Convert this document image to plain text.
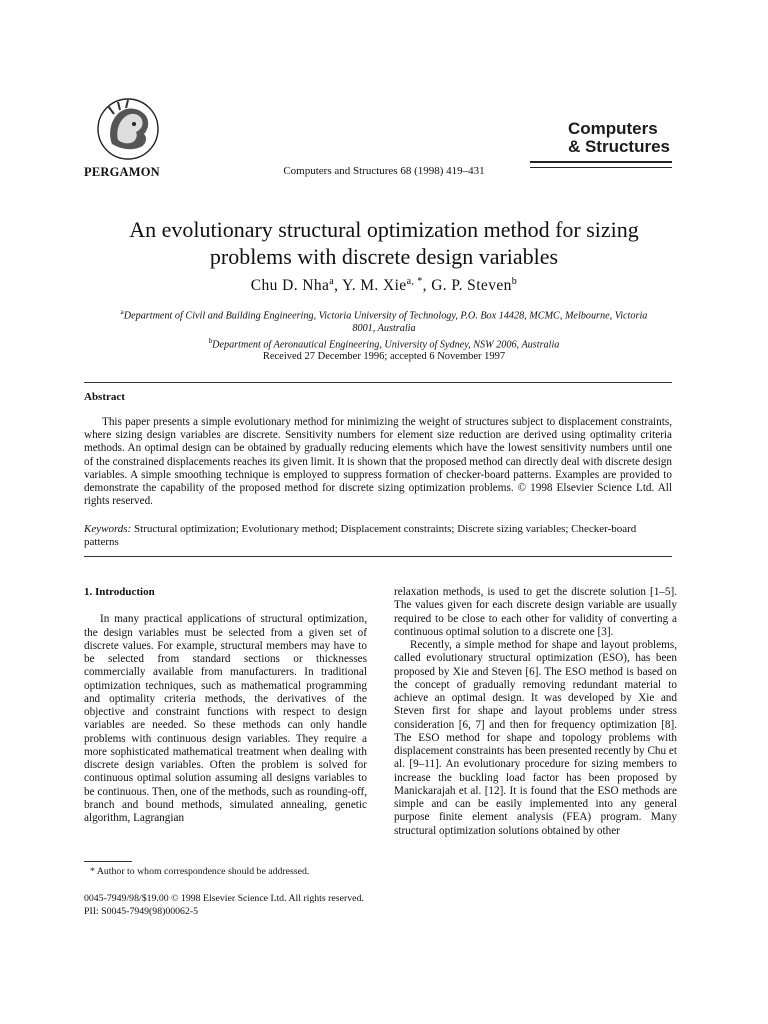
PERGAMON	Computers and Structures 68 (1998) 419–431
Computers
& Structures
An evolutionary structural optimization method for sizing
problems with discrete design variables
Chu D. Nha$^a$, Y. M. Xie$^{a, *}$, G. P. Steven$^b$
$^a$Department of Civil and Building Engineering, Victoria University of Technology, P.O. Box 14428, MCMC, Melbourne, Victoria
8001, Australia
$^b$Department of Aeronautical Engineering, University of Sydney, NSW 2006, Australia
Received 27 December 1996; accepted 6 November 1997
Abstract
This paper presents a simple evolutionary method for minimizing the weight of structures subject to displacement constraints, where sizing design variables are discrete. Sensitivity numbers for element size reduction are derived using optimality criteria methods. An optimal design can be obtained by gradually reducing elements which have the lowest sensitivity numbers until one of the constrained displacements reaches its given limit. It is shown that the proposed method can directly deal with discrete design variables. A simple smoothing technique is employed to suppress formation of checker-board patterns. Examples are provided to demonstrate the capability of the proposed method for discrete sizing optimization problems. © 1998 Elsevier Science Ltd. All rights reserved.
Keywords: Structural optimization; Evolutionary method; Displacement constraints; Discrete sizing variables; Checker-board patterns

1. Introduction

In many practical applications of structural optimization, the design variables must be selected from a given set of discrete values. For example, structural members may have to be selected from standard sections or thicknesses commercially available from manufacturers. In traditional optimization techniques, such as mathematical programming and optimality criteria methods, the derivatives of the objective and constraint functions with respect to design variables are needed. So these methods can only handle problems with continuous design variables. They require a more sophisticated mathematical treatment when dealing with discrete design variables. Often the problem is solved for continuous optimal solution assuming all designs variables to be continuous. Then, one of the methods, such as rounding-off, branch and bound methods, simulated annealing, genetic algorithm, Lagrangian

relaxation methods, is used to get the discrete solution [1–5]. The values given for each discrete design variable are usually required to be close to each other for validity of converting a continuous optimal solution to a discrete one [3].

Recently, a simple method for shape and layout problems, called evolutionary structural optimization (ESO), has been proposed by Xie and Steven [6]. The ESO method is based on the concept of gradually removing redundant material to achieve an optimal design. It was developed by Xie and Steven first for shape and layout problems under stress consideration [6, 7] and then for frequency optimization [8]. The ESO method for shape and topology problems with displacement constraints has been presented recently by Chu et al. [9–11]. An evolutionary procedure for sizing members to increase the buckling load factor has been proposed by Manickarajah et al. [12]. It is found that the ESO methods are simple and can be easily implemented into any general purpose finite element analysis (FEA) program. Many structural optimization solutions obtained by other

* Author to whom correspondence should be addressed.
0045-7949/98/$19.00 © 1998 Elsevier Science Ltd. All rights reserved.
PII: S0045-7949(98)00062-5
